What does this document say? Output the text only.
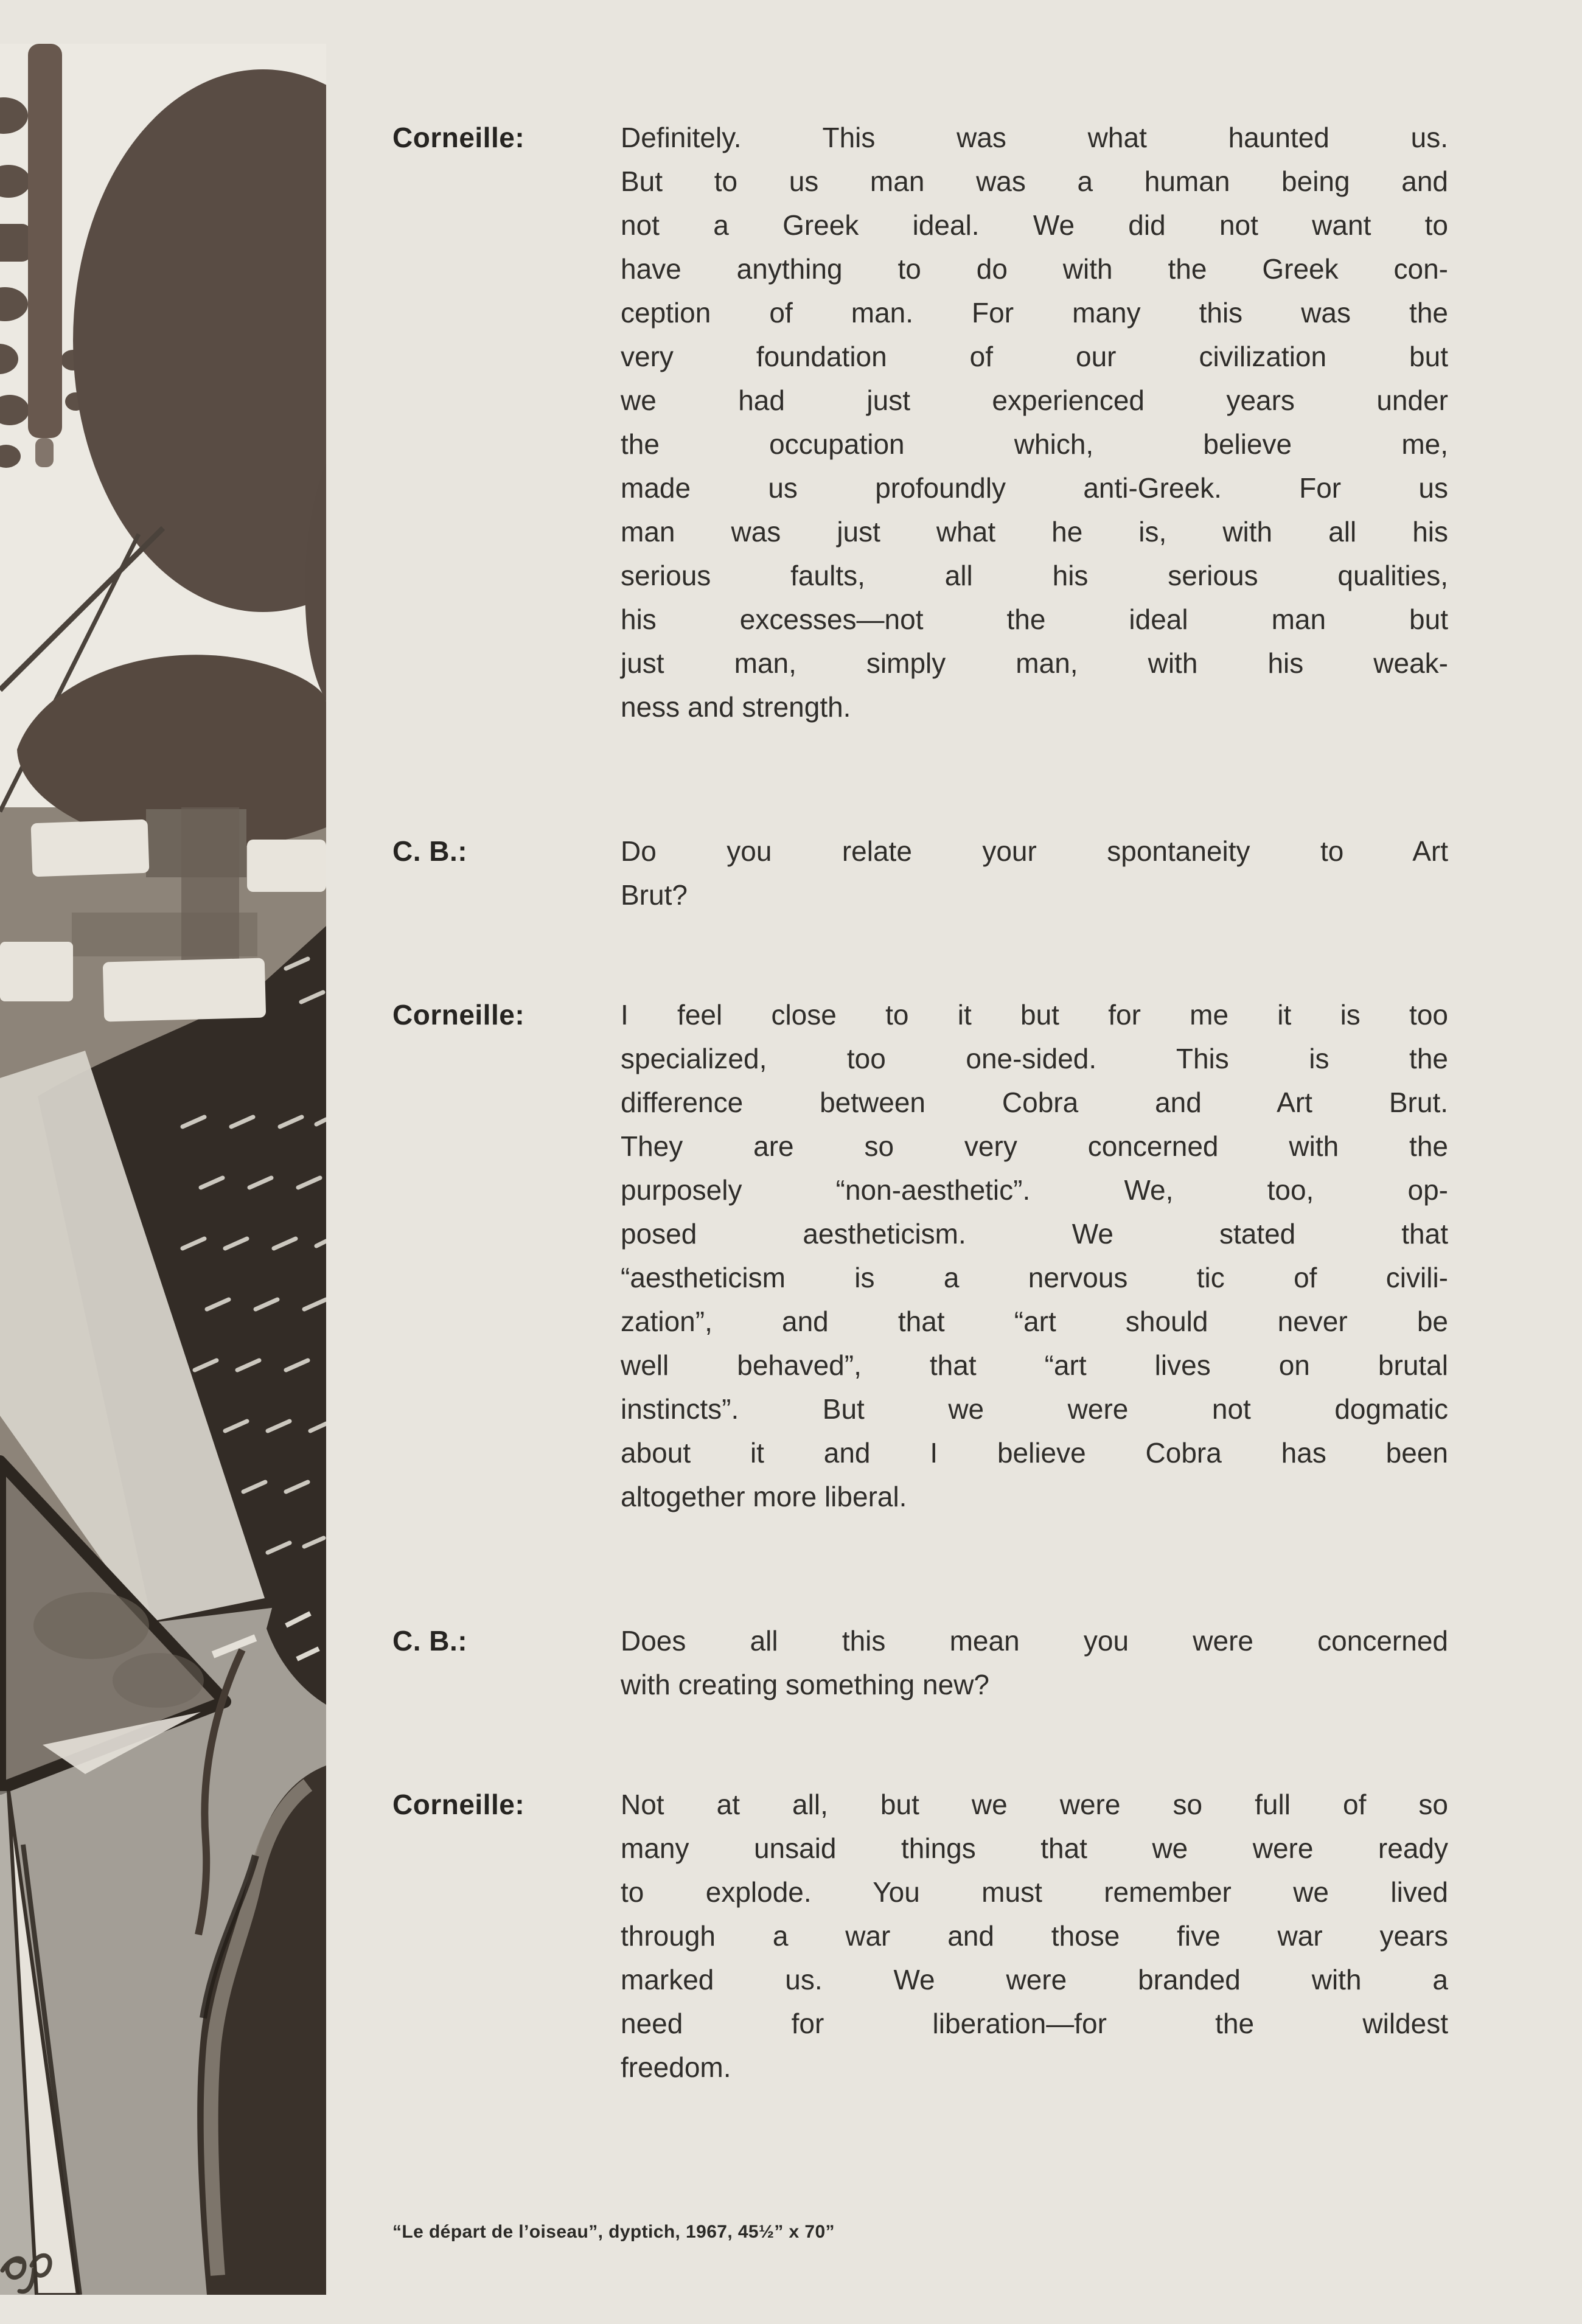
Corneille:	Definitely. This was what haunted us.
But to us man was a human being and
not a Greek ideal. We did not want to
have anything to do with the Greek con-
ception of man. For many this was the
very foundation of our civilization but
we had just experienced years under
the occupation which, believe me,
made us profoundly anti-Greek. For us
man was just what he is, with all his
serious faults, all his serious qualities,
his excesses—not the ideal man but
just man, simply man, with his weak-
ness and strength.
C. B.:	Do you relate your spontaneity to Art
Brut?
Corneille:	I feel close to it but for me it is too
specialized, too one-sided. This is the
difference between Cobra and Art Brut.
They are so very concerned with the
purposely “non-aesthetic”. We, too, op-
posed aestheticism. We stated that
“aestheticism is a nervous tic of civili-
zation”, and that “art should never be
well behaved”, that “art lives on brutal
instincts”. But we were not dogmatic
about it and I believe Cobra has been
altogether more liberal.
C. B.:	Does all this mean you were concerned
with creating something new?
Corneille:	Not at all, but we were so full of so
many unsaid things that we were ready
to explode. You must remember we lived
through a war and those five war years
marked us. We were branded with a
need for liberation—for the wildest
freedom.
“Le départ de l’oiseau”, dyptich, 1967, 45½” x 70”
